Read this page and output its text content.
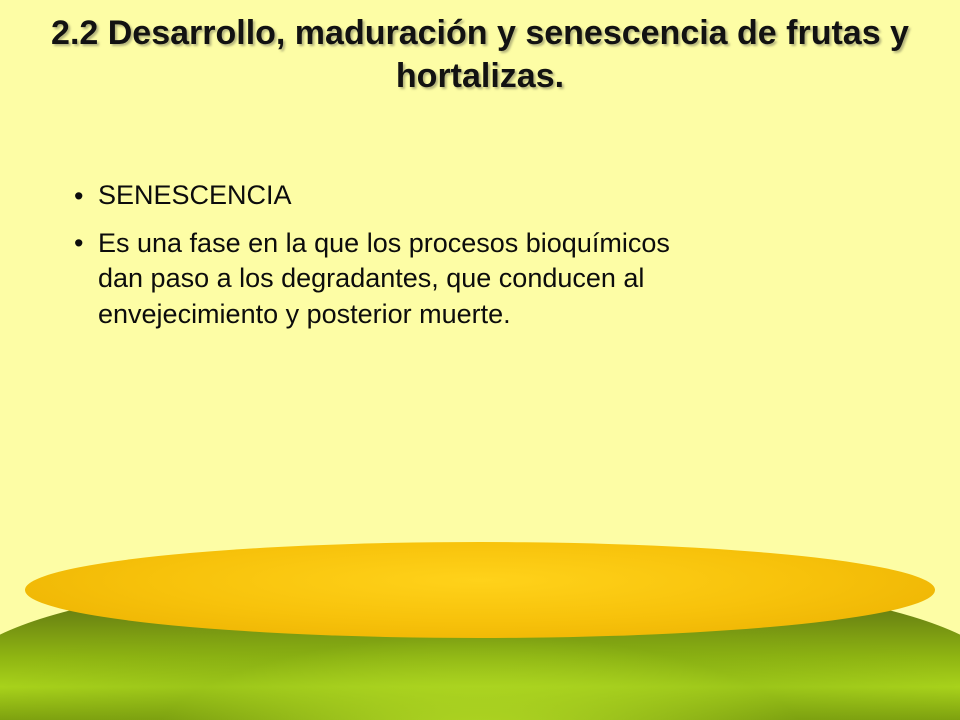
2.2 Desarrollo, maduración y senescencia de frutas y hortalizas.
• SENESCENCIA
• Es una fase en la que los procesos bioquímicos dan paso a los degradantes, que conducen al envejecimiento y posterior muerte.
